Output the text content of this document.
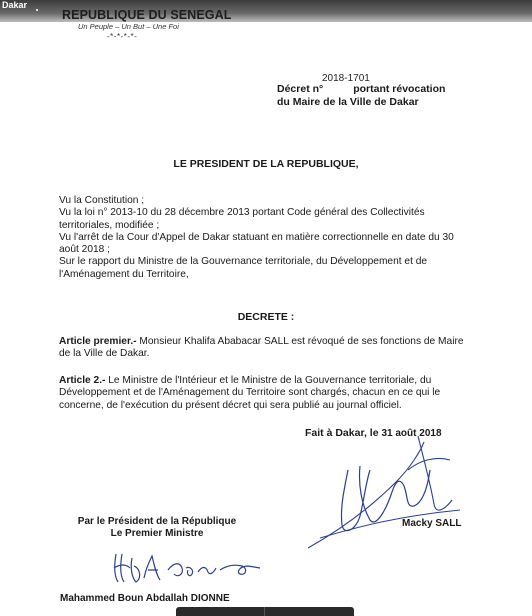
Dakar
REPUBLIQUE DU SENEGAL
Un Peuple – Un But – Une Foi
-*-*-*-*-
2018-1701
Décret n°	portant révocation
du Maire de la Ville de Dakar
LE PRESIDENT DE LA REPUBLIQUE,
Vu la Constitution ;
Vu la loi n° 2013-10 du 28 décembre 2013 portant Code général des Collectivités territoriales, modifiée ;
Vu l'arrêt de la Cour d'Appel de Dakar statuant en matière correctionnelle en date du 30 août 2018 ;
Sur le rapport du Ministre de la Gouvernance territoriale, du Développement et de l'Aménagement du Territoire,
DECRETE :
Article premier.- Monsieur Khalifa Ababacar SALL est révoqué de ses fonctions de Maire de la Ville de Dakar.
Article 2.- Le Ministre de l'Intérieur et le Ministre de la Gouvernance territoriale, du Développement et de l'Aménagement du Territoire sont chargés, chacun en ce qui le concerne, de l'exécution du présent décret qui sera publié au journal officiel.
Fait à Dakar, le 31 août 2018
Par le Président de la République
Le Premier Ministre
Macky SALL
Mahammed Boun Abdallah DIONNE
